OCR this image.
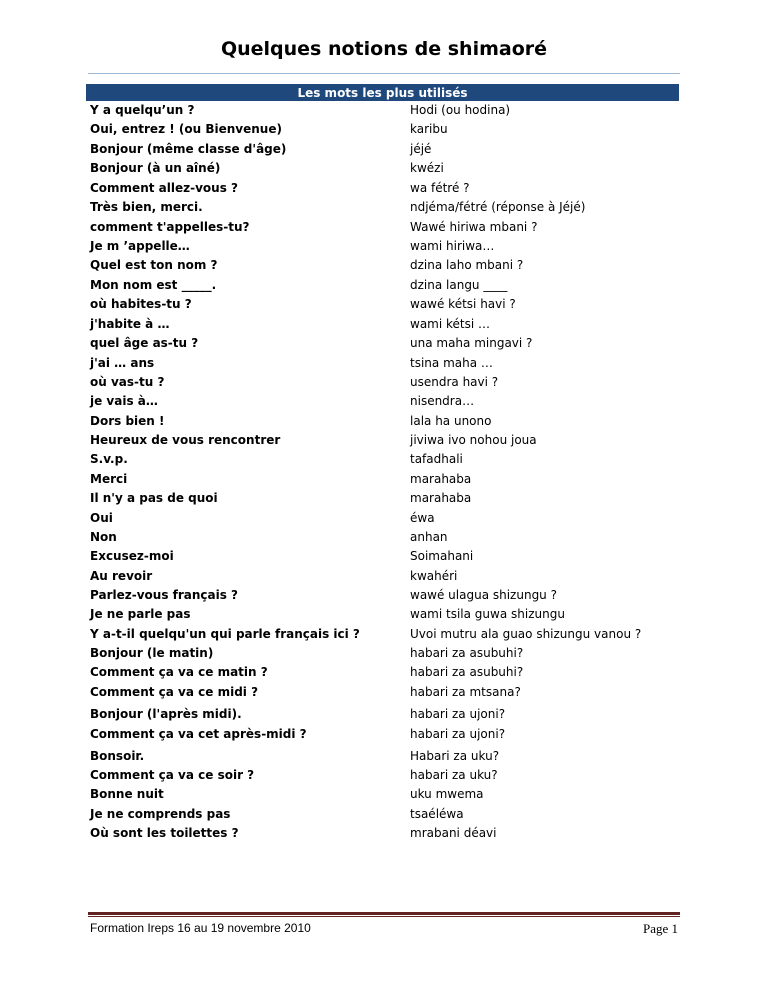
Quelques notions de shimaoré
Les mots les plus utilisés
Y a quelqu’un ?	Hodi (ou hodina)
Oui, entrez ! (ou Bienvenue)	karibu
Bonjour (même classe d'âge)	jéjé
Bonjour (à un aîné)	kwézi
Comment allez-vous ?	wa fétré ?
Très bien, merci.	ndjéma/fétré (réponse à Jéjé)
comment t'appelles-tu?	Wawé hiriwa mbani ?
Je m ’appelle…	wami hiriwa…
Quel est ton nom ?	dzina laho mbani ?
Mon nom est _____.	dzina langu ____
où habites-tu ?	wawé kétsi havi ?
j'habite à …	wami kétsi …
quel âge as-tu ?	una maha mingavi ?
j'ai … ans	tsina maha …
où vas-tu ?	usendra havi ?
je vais à…	nisendra…
Dors bien !	lala ha unono
Heureux de vous rencontrer	jiviwa ivo nohou joua
S.v.p.	tafadhali
Merci	marahaba
Il n'y a pas de quoi	marahaba
Oui	éwa
Non	anhan
Excusez-moi	Soimahani
Au revoir	kwahéri
Parlez-vous français ?	wawé ulagua shizungu ?
Je ne parle pas	wami tsila guwa shizungu
Y a-t-il quelqu'un qui parle français ici ?	Uvoi mutru ala guao shizungu vanou ?
Bonjour (le matin)	habari za asubuhi?
Comment ça va ce matin ?	habari za asubuhi?
Comment ça va ce midi ?	habari za mtsana?
Bonjour (l'après midi).	habari za ujoni?
Comment ça va cet après-midi ?	habari za ujoni?
Bonsoir.	Habari za uku?
Comment ça va ce soir ?	habari za uku?
Bonne nuit	uku mwema
Je ne comprends pas	tsaéléwa
Où sont les toilettes ?	mrabani déavi
Formation Ireps 16 au 19 novembre 2010	Page 1
